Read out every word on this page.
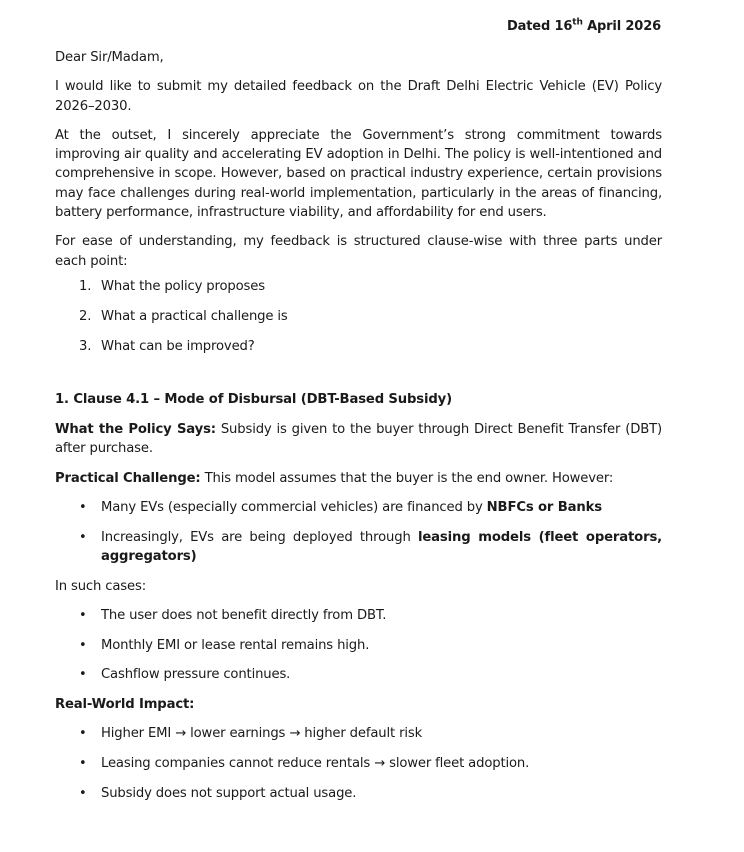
Dated 16th April 2026

Dear Sir/Madam,

I would like to submit my detailed feedback on the Draft Delhi Electric Vehicle (EV) Policy 2026–2030.

At the outset, I sincerely appreciate the Government’s strong commitment towards improving air quality and accelerating EV adoption in Delhi. The policy is well-intentioned and comprehensive in scope. However, based on practical industry experience, certain provisions may face challenges during real-world implementation, particularly in the areas of financing, battery performance, infrastructure viability, and affordability for end users.

For ease of understanding, my feedback is structured clause-wise with three parts under each point:

1. What the policy proposes
2. What a practical challenge is
3. What can be improved?

1. Clause 4.1 – Mode of Disbursal (DBT-Based Subsidy)

What the Policy Says: Subsidy is given to the buyer through Direct Benefit Transfer (DBT) after purchase.

Practical Challenge: This model assumes that the buyer is the end owner. However:

• Many EVs (especially commercial vehicles) are financed by NBFCs or Banks
• Increasingly, EVs are being deployed through leasing models (fleet operators, aggregators)

In such cases:

• The user does not benefit directly from DBT.
• Monthly EMI or lease rental remains high.
• Cashflow pressure continues.

Real-World Impact:

• Higher EMI → lower earnings → higher default risk
• Leasing companies cannot reduce rentals → slower fleet adoption.
• Subsidy does not support actual usage.
